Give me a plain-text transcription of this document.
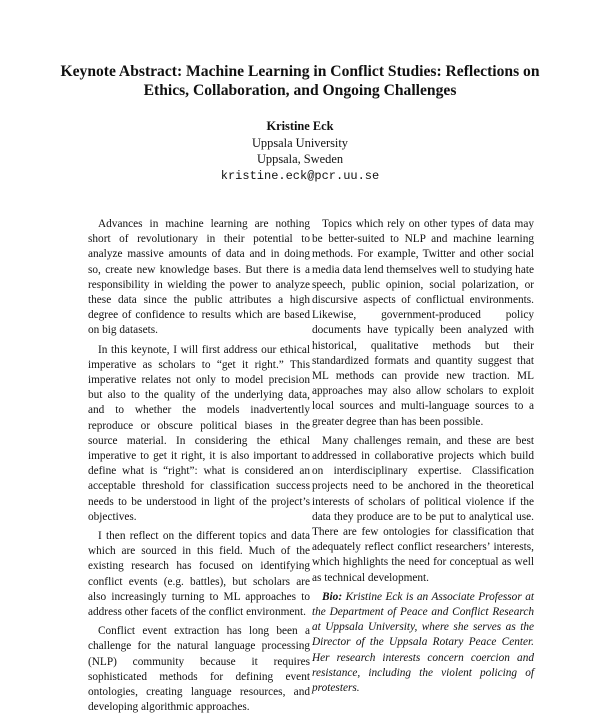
Keynote Abstract: Machine Learning in Conflict Studies: Reflections on Ethics, Collaboration, and Ongoing Challenges
Kristine Eck
Uppsala University
Uppsala, Sweden
kristine.eck@pcr.uu.se

Advances in machine learning are nothing short of revolutionary in their potential to analyze massive amounts of data and in doing so, create new knowledge bases. But there is a responsibility in wielding the power to analyze these data since the public attributes a high degree of confidence to results which are based on big datasets.

In this keynote, I will first address our ethical imperative as scholars to “get it right.” This imperative relates not only to model precision but also to the quality of the underlying data, and to whether the models inadvertently reproduce or obscure political biases in the source material. In considering the ethical imperative to get it right, it is also important to define what is “right”: what is considered an acceptable threshold for classification success needs to be understood in light of the project’s objectives.

I then reflect on the different topics and data which are sourced in this field. Much of the existing research has focused on identifying conflict events (e.g. battles), but scholars are also increasingly turning to ML approaches to address other facets of the conflict environment.

Conflict event extraction has long been a challenge for the natural language processing (NLP) community because it requires sophisticated methods for defining event ontologies, creating language resources, and developing algorithmic approaches.

Topics which rely on other types of data may be better-suited to NLP and machine learning methods. For example, Twitter and other social media data lend themselves well to studying hate speech, public opinion, social polarization, or discursive aspects of conflictual environments. Likewise, government-produced policy documents have typically been analyzed with historical, qualitative methods but their standardized formats and quantity suggest that ML methods can provide new traction. ML approaches may also allow scholars to exploit local sources and multi-language sources to a greater degree than has been possible.

Many challenges remain, and these are best addressed in collaborative projects which build on interdisciplinary expertise. Classification projects need to be anchored in the theoretical interests of scholars of political violence if the data they produce are to be put to analytical use. There are few ontologies for classification that adequately reflect conflict researchers’ interests, which highlights the need for conceptual as well as technical development.

Bio: Kristine Eck is an Associate Professor at the Department of Peace and Conflict Research at Uppsala University, where she serves as the Director of the Uppsala Rotary Peace Center. Her research interests concern coercion and resistance, including the violent policing of protesters.
